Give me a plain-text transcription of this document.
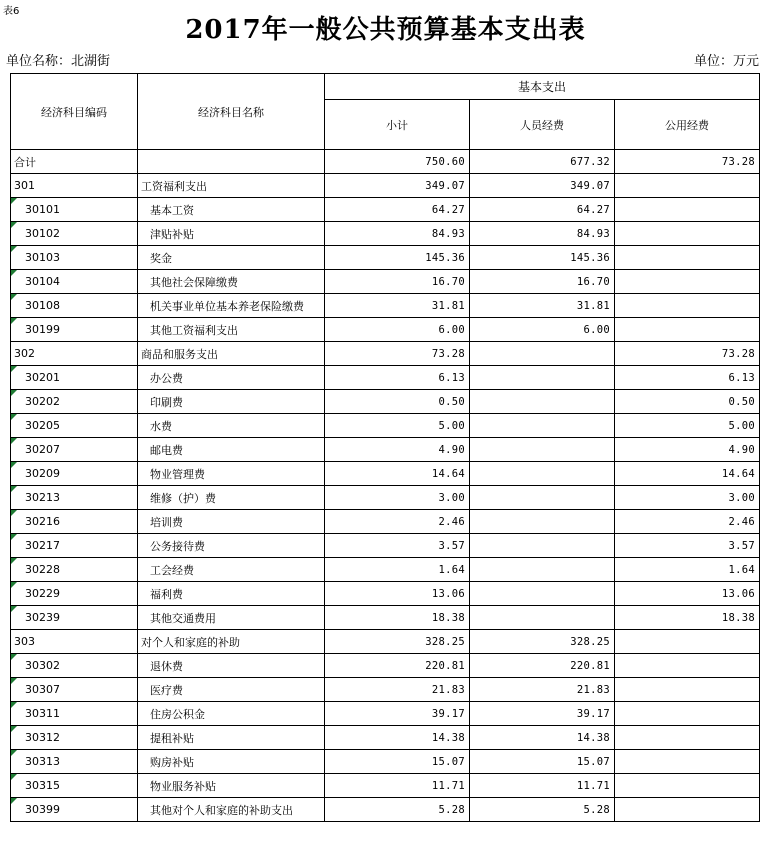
表6
2017年一般公共预算基本支出表
单位名称：北湖街	单位：万元
经济科目编码	经济科目名称	基本支出		
		小计	人员经费	公用经费
合计		750.60	677.32	73.28
301	工资福利支出	349.07	349.07	
30101	基本工资	64.27	64.27	
30102	津贴补贴	84.93	84.93	
30103	奖金	145.36	145.36	
30104	其他社会保障缴费	16.70	16.70	
30108	机关事业单位基本养老保险缴费	31.81	31.81	
30199	其他工资福利支出	6.00	6.00	
302	商品和服务支出	73.28		73.28
30201	办公费	6.13		6.13
30202	印刷费	0.50		0.50
30205	水费	5.00		5.00
30207	邮电费	4.90		4.90
30209	物业管理费	14.64		14.64
30213	维修（护）费	3.00		3.00
30216	培训费	2.46		2.46
30217	公务接待费	3.57		3.57
30228	工会经费	1.64		1.64
30229	福利费	13.06		13.06
30239	其他交通费用	18.38		18.38
303	对个人和家庭的补助	328.25	328.25	
30302	退休费	220.81	220.81	
30307	医疗费	21.83	21.83	
30311	住房公积金	39.17	39.17	
30312	提租补贴	14.38	14.38	
30313	购房补贴	15.07	15.07	
30315	物业服务补贴	11.71	11.71	
30399	其他对个人和家庭的补助支出	5.28	5.28	
